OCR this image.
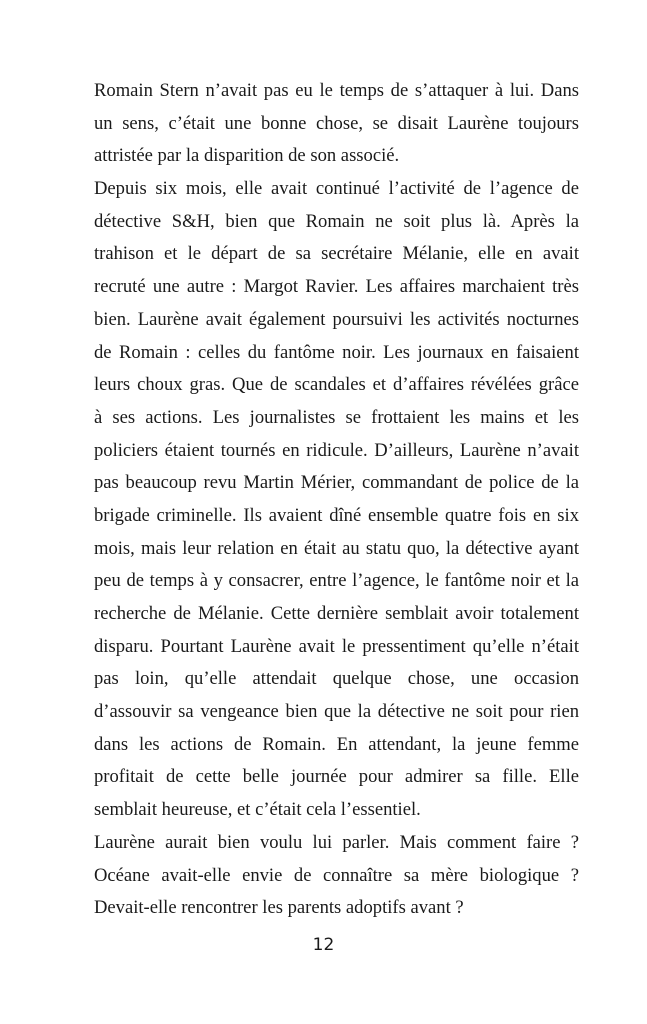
Romain Stern n’avait pas eu le temps de s’attaquer à lui. Dans
un sens, c’était une bonne chose, se disait Laurène toujours
attristée par la disparition de son associé.
Depuis six mois, elle avait continué l’activité de l’agence de
détective S&H, bien que Romain ne soit plus là. Après la
trahison et le départ de sa secrétaire Mélanie, elle en avait
recruté une autre : Margot Ravier. Les affaires marchaient très
bien. Laurène avait également poursuivi les activités nocturnes
de Romain : celles du fantôme noir. Les journaux en faisaient
leurs choux gras. Que de scandales et d’affaires révélées grâce
à ses actions. Les journalistes se frottaient les mains et les
policiers étaient tournés en ridicule. D’ailleurs, Laurène n’avait
pas beaucoup revu Martin Mérier, commandant de police de la
brigade criminelle. Ils avaient dîné ensemble quatre fois en six
mois, mais leur relation en était au statu quo, la détective ayant
peu de temps à y consacrer, entre l’agence, le fantôme noir et la
recherche de Mélanie. Cette dernière semblait avoir totalement
disparu. Pourtant Laurène avait le pressentiment qu’elle n’était
pas loin, qu’elle attendait quelque chose, une occasion
d’assouvir sa vengeance bien que la détective ne soit pour rien
dans les actions de Romain. En attendant, la jeune femme
profitait de cette belle journée pour admirer sa fille. Elle
semblait heureuse, et c’était cela l’essentiel.
Laurène aurait bien voulu lui parler. Mais comment faire ?
Océane avait-elle envie de connaître sa mère biologique ?
Devait-elle rencontrer les parents adoptifs avant ?
12
